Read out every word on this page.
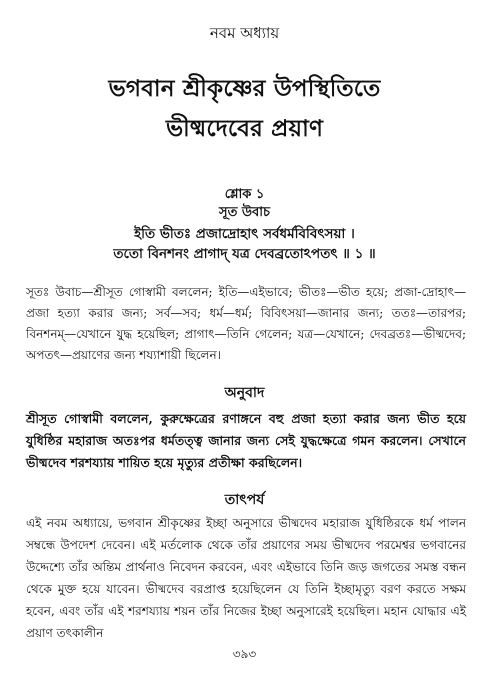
নবম অধ্যায়
ভগবান শ্রীকৃষ্ণের উপস্থিতিতে
ভীষ্মদেবের প্রয়াণ
শ্লোক ১
সূত উবাচ
ইতি ভীতঃ প্রজাদ্রোহাৎ সর্বধর্মবিবিৎসয়া ।
ততো বিনশনং প্রাগাদ্ যত্র দেবব্রতোঽপতৎ ॥ ১ ॥
সূতঃ উবাচ—শ্রীসূত গোস্বামী বললেন; ইতি—এইভাবে; ভীতঃ—ভীত হয়ে; প্রজা-দ্রোহাৎ—প্রজা হত্যা করার জন্য; সর্ব—সব; ধর্ম—ধর্ম; বিবিৎসয়া—জানার জন্য; ততঃ—তারপর; বিনশনম্—যেখানে যুদ্ধ হয়েছিল; প্রাগাৎ—তিনি গেলেন; যত্র—যেখানে; দেবব্রতঃ—ভীষ্মদেব; অপতৎ—প্রয়াণের জন্য শয্যাশায়ী ছিলেন।
অনুবাদ
শ্রীসূত গোস্বামী বললেন, কুরুক্ষেত্রের রণাঙ্গনে বহু প্রজা হত্যা করার জন্য ভীত হয়ে যুধিষ্ঠির মহারাজ অতঃপর ধর্মতত্ত্ব জানার জন্য সেই যুদ্ধক্ষেত্রে গমন করলেন। সেখানে ভীষ্মদেব শরশয্যায় শায়িত হয়ে মৃত্যুর প্রতীক্ষা করছিলেন।
তাৎপর্য
এই নবম অধ্যায়ে, ভগবান শ্রীকৃষ্ণের ইচ্ছা অনুসারে ভীষ্মদেব মহারাজ যুধিষ্ঠিরকে ধর্ম পালন সম্বন্ধে উপদেশ দেবেন। এই মর্তলোক থেকে তাঁর প্রয়াণের সময় ভীষ্মদেব পরমেশ্বর ভগবানের উদ্দেশ্যে তাঁর অন্তিম প্রার্থনাও নিবেদন করবেন, এবং এইভাবে তিনি জড় জগতের সমস্ত বন্ধন থেকে মুক্ত হয়ে যাবেন। ভীষ্মদেব বরপ্রাপ্ত হয়েছিলেন যে তিনি ইচ্ছামৃত্যু বরণ করতে সক্ষম হবেন, এবং তাঁর এই শরশয্যায় শয়ন তাঁর নিজের ইচ্ছা অনুসারেই হয়েছিল। মহান যোদ্ধার এই প্রয়াণ তৎকালীন
৩৯৩
